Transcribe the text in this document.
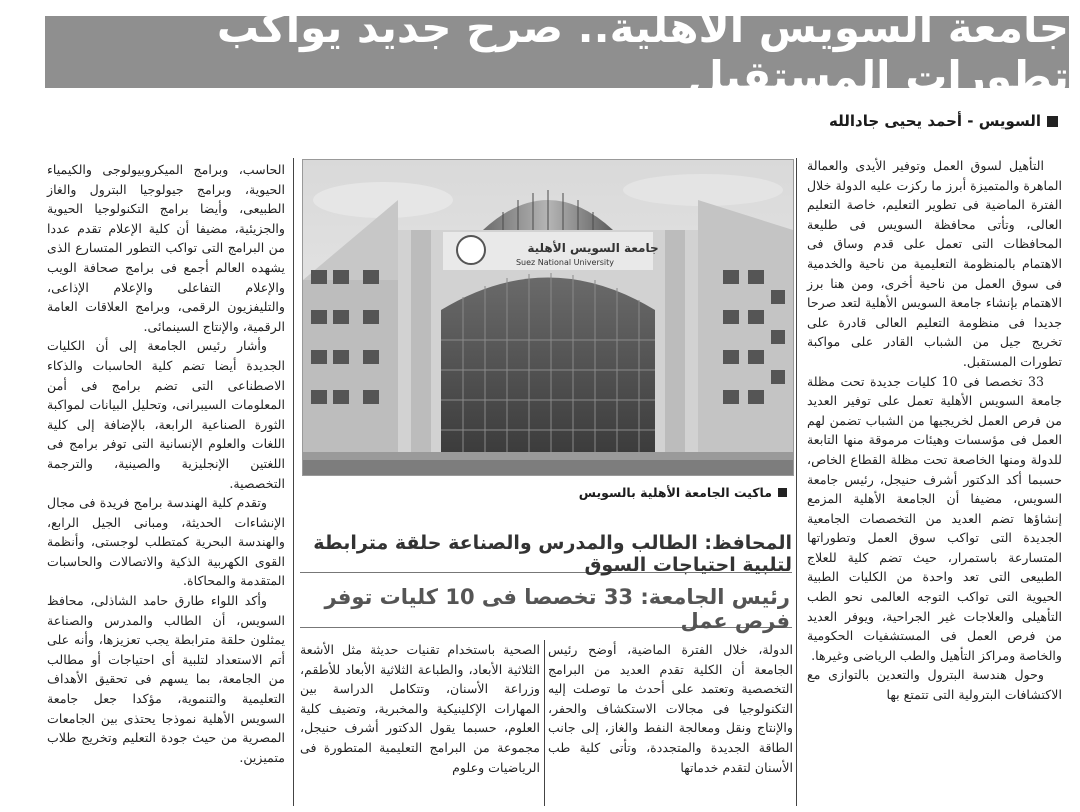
جامعة السويس الأهلية.. صرح جديد يواكب تطورات المستقبل
السويس - أحمد يحيى جادالله

التأهيل لسوق العمل وتوفير الأيدى والعمالة الماهرة والمتميزة أبرز ما ركزت عليه الدولة خلال الفترة الماضية فى تطوير التعليم، خاصة التعليم العالى، وتأتى محافظة السويس فى طليعة المحافظات التى تعمل على قدم وساق فى الاهتمام بالمنظومة التعليمية من ناحية والخدمية فى سوق العمل من ناحية أخرى، ومن هنا برز الاهتمام بإنشاء جامعة السويس الأهلية لتعد صرحا جديدا فى منظومة التعليم العالى قادرة على تخريج جيل من الشباب القادر على مواكبة تطورات المستقبل.

33 تخصصا فى 10 كليات جديدة تحت مظلة جامعة السويس الأهلية تعمل على توفير العديد من فرص العمل لخريجيها من الشباب تضمن لهم العمل فى مؤسسات وهيئات مرموقة منها التابعة للدولة ومنها الخاصعة تحت مظلة القطاع الخاص، حسبما أكد الدكتور أشرف حنيجل، رئيس جامعة السويس، مضيفا أن الجامعة الأهلية المزمع إنشاؤها تضم العديد من التخصصات الجامعية الجديدة التى تواكب سوق العمل وتطوراتها المتسارعة باستمرار، حيث تضم كلية للعلاج الطبيعى التى تعد واحدة من الكليات الطبية الحيوية التى تواكب التوجه العالمى نحو الطب التأهيلى والعلاجات غير الجراحية، ويوفر العديد من فرص العمل فى المستشفيات الحكومية والخاصة ومراكز التأهيل والطب الرياضى وغيرها.

وحول هندسة البترول والتعدين بالتوازى مع الاكتشافات البترولية التى تتمتع بها

جامعة السويس الأهلية
Suez National University
ماكيت الجامعة الأهلية بالسويس
المحافظ: الطالب والمدرس والصناعة حلقة مترابطة لتلبية احتياجات السوق
رئيس الجامعة: 33 تخصصا فى 10 كليات توفر فرص عمل

الدولة، خلال الفترة الماضية، أوضح رئيس الجامعة أن الكلية تقدم العديد من البرامج التخصصية وتعتمد على أحدث ما توصلت إليه التكنولوجيا فى مجالات الاستكشاف والحفر، والإنتاج ونقل ومعالجة النفط والغاز، إلى جانب الطاقة الجديدة والمتجددة، وتأتى كلية طب الأسنان لتقدم خدماتها

الصحية باستخدام تقنيات حديثة مثل الأشعة الثلاثية الأبعاد، والطباعة الثلاثية الأبعاد للأطقم، وزراعة الأسنان، وتتكامل الدراسة بين المهارات الإكلينيكية والمخبرية، وتضيف كلية العلوم، حسبما يقول الدكتور أشرف حنيجل، مجموعة من البرامج التعليمية المتطورة فى الرياضيات وعلوم

الحاسب، وبرامج الميكروبيولوجى والكيمياء الحيوية، وبرامج جيولوجيا البترول والغاز الطبيعى، وأيضا برامج التكنولوجيا الحيوية والجزيئية، مضيفا أن كلية الإعلام تقدم عددا من البرامج التى تواكب التطور المتسارع الذى يشهده العالم أجمع فى برامج صحافة الويب والإعلام التفاعلى والإعلام الإذاعى، والتليفزيون الرقمى، وبرامج العلاقات العامة الرقمية، والإنتاج السينمائى.

وأشار رئيس الجامعة إلى أن الكليات الجديدة أيضا تضم كلية الحاسبات والذكاء الاصطناعى التى تضم برامج فى أمن المعلومات السيبرانى، وتحليل البيانات لمواكبة الثورة الصناعية الرابعة، بالإضافة إلى كلية اللغات والعلوم الإنسانية التى توفر برامج فى اللغتين الإنجليزية والصينية، والترجمة التخصصية.

وتقدم كلية الهندسة برامج فريدة فى مجال الإنشاءات الحديثة، ومبانى الجيل الرابع، والهندسة البحرية كمتطلب لوجستى، وأنظمة القوى الكهربية الذكية والاتصالات والحاسبات المتقدمة والمحاكاة.

وأكد اللواء طارق حامد الشاذلى، محافظ السويس، أن الطالب والمدرس والصناعة يمثلون حلقة مترابطة يجب تعزيزها، وأنه على أتم الاستعداد لتلبية أى احتياجات أو مطالب من الجامعة، بما يسهم فى تحقيق الأهداف التعليمية والتنموية، مؤكدا جعل جامعة السويس الأهلية نموذجا يحتذى بين الجامعات المصرية من حيث جودة التعليم وتخريج طلاب متميزين.
